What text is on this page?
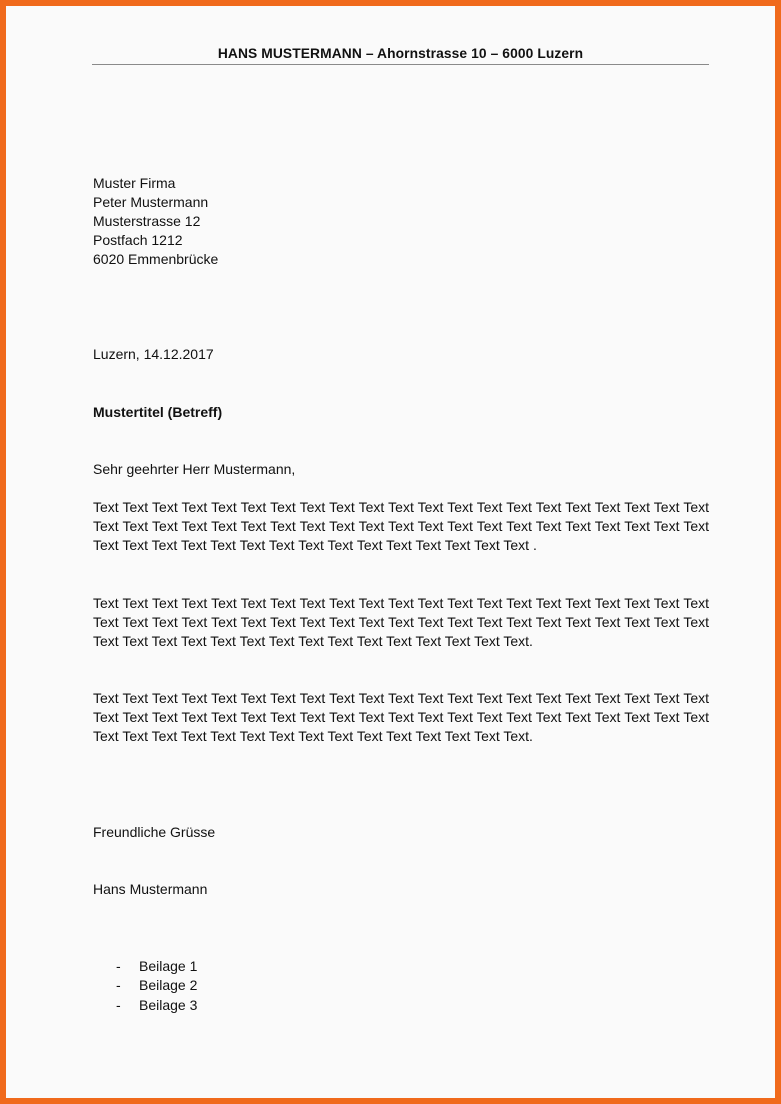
HANS MUSTERMANN – Ahornstrasse 10 – 6000 Luzern
Muster Firma
Peter Mustermann
Musterstrasse 12
Postfach 1212
6020 Emmenbrücke
Luzern, 14.12.2017
Mustertitel (Betreff)
Sehr geehrter Herr Mustermann,
Text Text Text Text Text Text Text Text Text Text Text Text Text Text Text Text Text Text Text Text Text Text Text Text Text Text Text Text Text Text Text Text Text Text Text Text Text Text Text Text Text Text Text Text Text Text Text Text Text Text Text Text Text Text Text Text Text .
Text Text Text Text Text Text Text Text Text Text Text Text Text Text Text Text Text Text Text Text Text Text Text Text Text Text Text Text Text Text Text Text Text Text Text Text Text Text Text Text Text Text Text Text Text Text Text Text Text Text Text Text Text Text Text Text Text.
Text Text Text Text Text Text Text Text Text Text Text Text Text Text Text Text Text Text Text Text Text Text Text Text Text Text Text Text Text Text Text Text Text Text Text Text Text Text Text Text Text Text Text Text Text Text Text Text Text Text Text Text Text Text Text Text Text.
Freundliche Grüsse
Hans Mustermann
- Beilage 1
- Beilage 2
- Beilage 3
